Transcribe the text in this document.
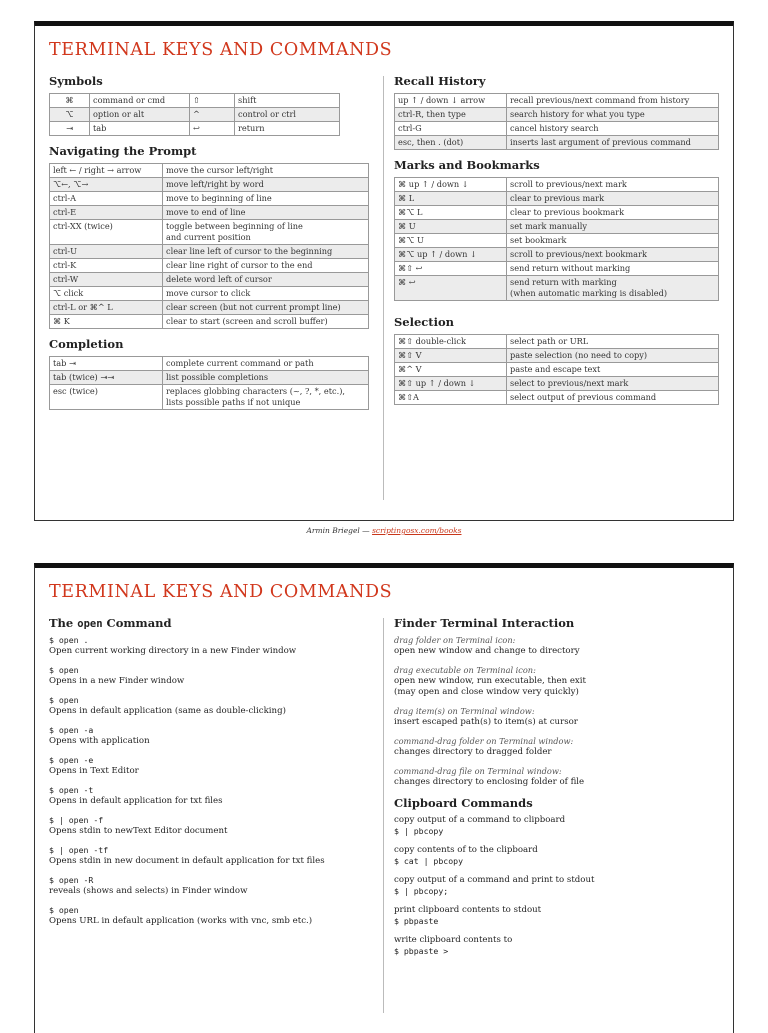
TERMINAL KEYS AND COMMANDS
Symbols
⌘	command or cmd	⇧	shift
⌥	option or alt	^	control or ctrl
⇥	tab	↩	return
Navigating the Prompt
left ← / right → arrow	move the cursor left/right
⌥←, ⌥→	move left/right by word
ctrl-A	move to beginning of line
ctrl-E	move to end of line
ctrl-XX (twice)	toggle between beginning of line
and current position
ctrl-U	clear line left of cursor to the beginning
ctrl-K	clear line right of cursor to the end
ctrl-W	delete word left of cursor
⌥ click	move cursor to click
ctrl-L or ⌘^ L	clear screen (but not current prompt line)
⌘ K	clear to start (screen and scroll buffer)
Completion
tab ⇥	complete current command or path
tab (twice) ⇥⇥	list possible completions
esc (twice)	replaces globbing characters (~, ?, *, etc.),
lists possible paths if not unique
Recall History
up ↑ / down ↓ arrow	recall previous/next command from history
ctrl-R, then type	search history for what you type
ctrl-G	cancel history search
esc, then . (dot)	inserts last argument of previous command
Marks and Bookmarks
⌘ up ↑ / down ↓	scroll to previous/next mark
⌘ L	clear to previous mark
⌘⌥ L	clear to previous bookmark
⌘ U	set mark manually
⌘⌥ U	set bookmark
⌘⌥ up ↑ / down ↓	scroll to previous/next bookmark
⌘⇧ ↩	send return without marking
⌘ ↩	send return with marking
(when automatic marking is disabled)
Selection
⌘⇧ double-click	select path or URL
⌘⇧ V	paste selection (no need to copy)
⌘^ V	paste and escape text
⌘⇧ up ↑ / down ↓	select to previous/next mark
⌘⇧A	select output of previous command
Armin Briegel — scriptingosx.com/books
TERMINAL KEYS AND COMMANDS
The open Command
$ open .
Open current working directory in a new Finder window
$ open
Opens in a new Finder window
$ open
Opens in default application (same as double-clicking)
$ open -a
Opens with application
$ open -e
Opens in Text Editor
$ open -t
Opens in default application for txt files
$ | open -f
Opens stdin to newText Editor document
$ | open -tf
Opens stdin in new document in default application for txt files
$ open -R
reveals (shows and selects) in Finder window
$ open
Opens URL in default application (works with vnc, smb etc.)
Finder Terminal Interaction
drag folder on Terminal icon:
open new window and change to directory
drag executable on Terminal icon:
open new window, run executable, then exit
(may open and close window very quickly)
drag item(s) on Terminal window:
insert escaped path(s) to item(s) at cursor
command-drag folder on Terminal window:
changes directory to dragged folder
command-drag file on Terminal window:
changes directory to enclosing folder of file
Clipboard Commands
copy output of a command to clipboard
$ | pbcopy
copy contents of to the clipboard
$ cat | pbcopy
copy output of a command and print to stdout
$ | pbcopy;
print clipboard contents to stdout
$ pbpaste
write clipboard contents to
$ pbpaste >
